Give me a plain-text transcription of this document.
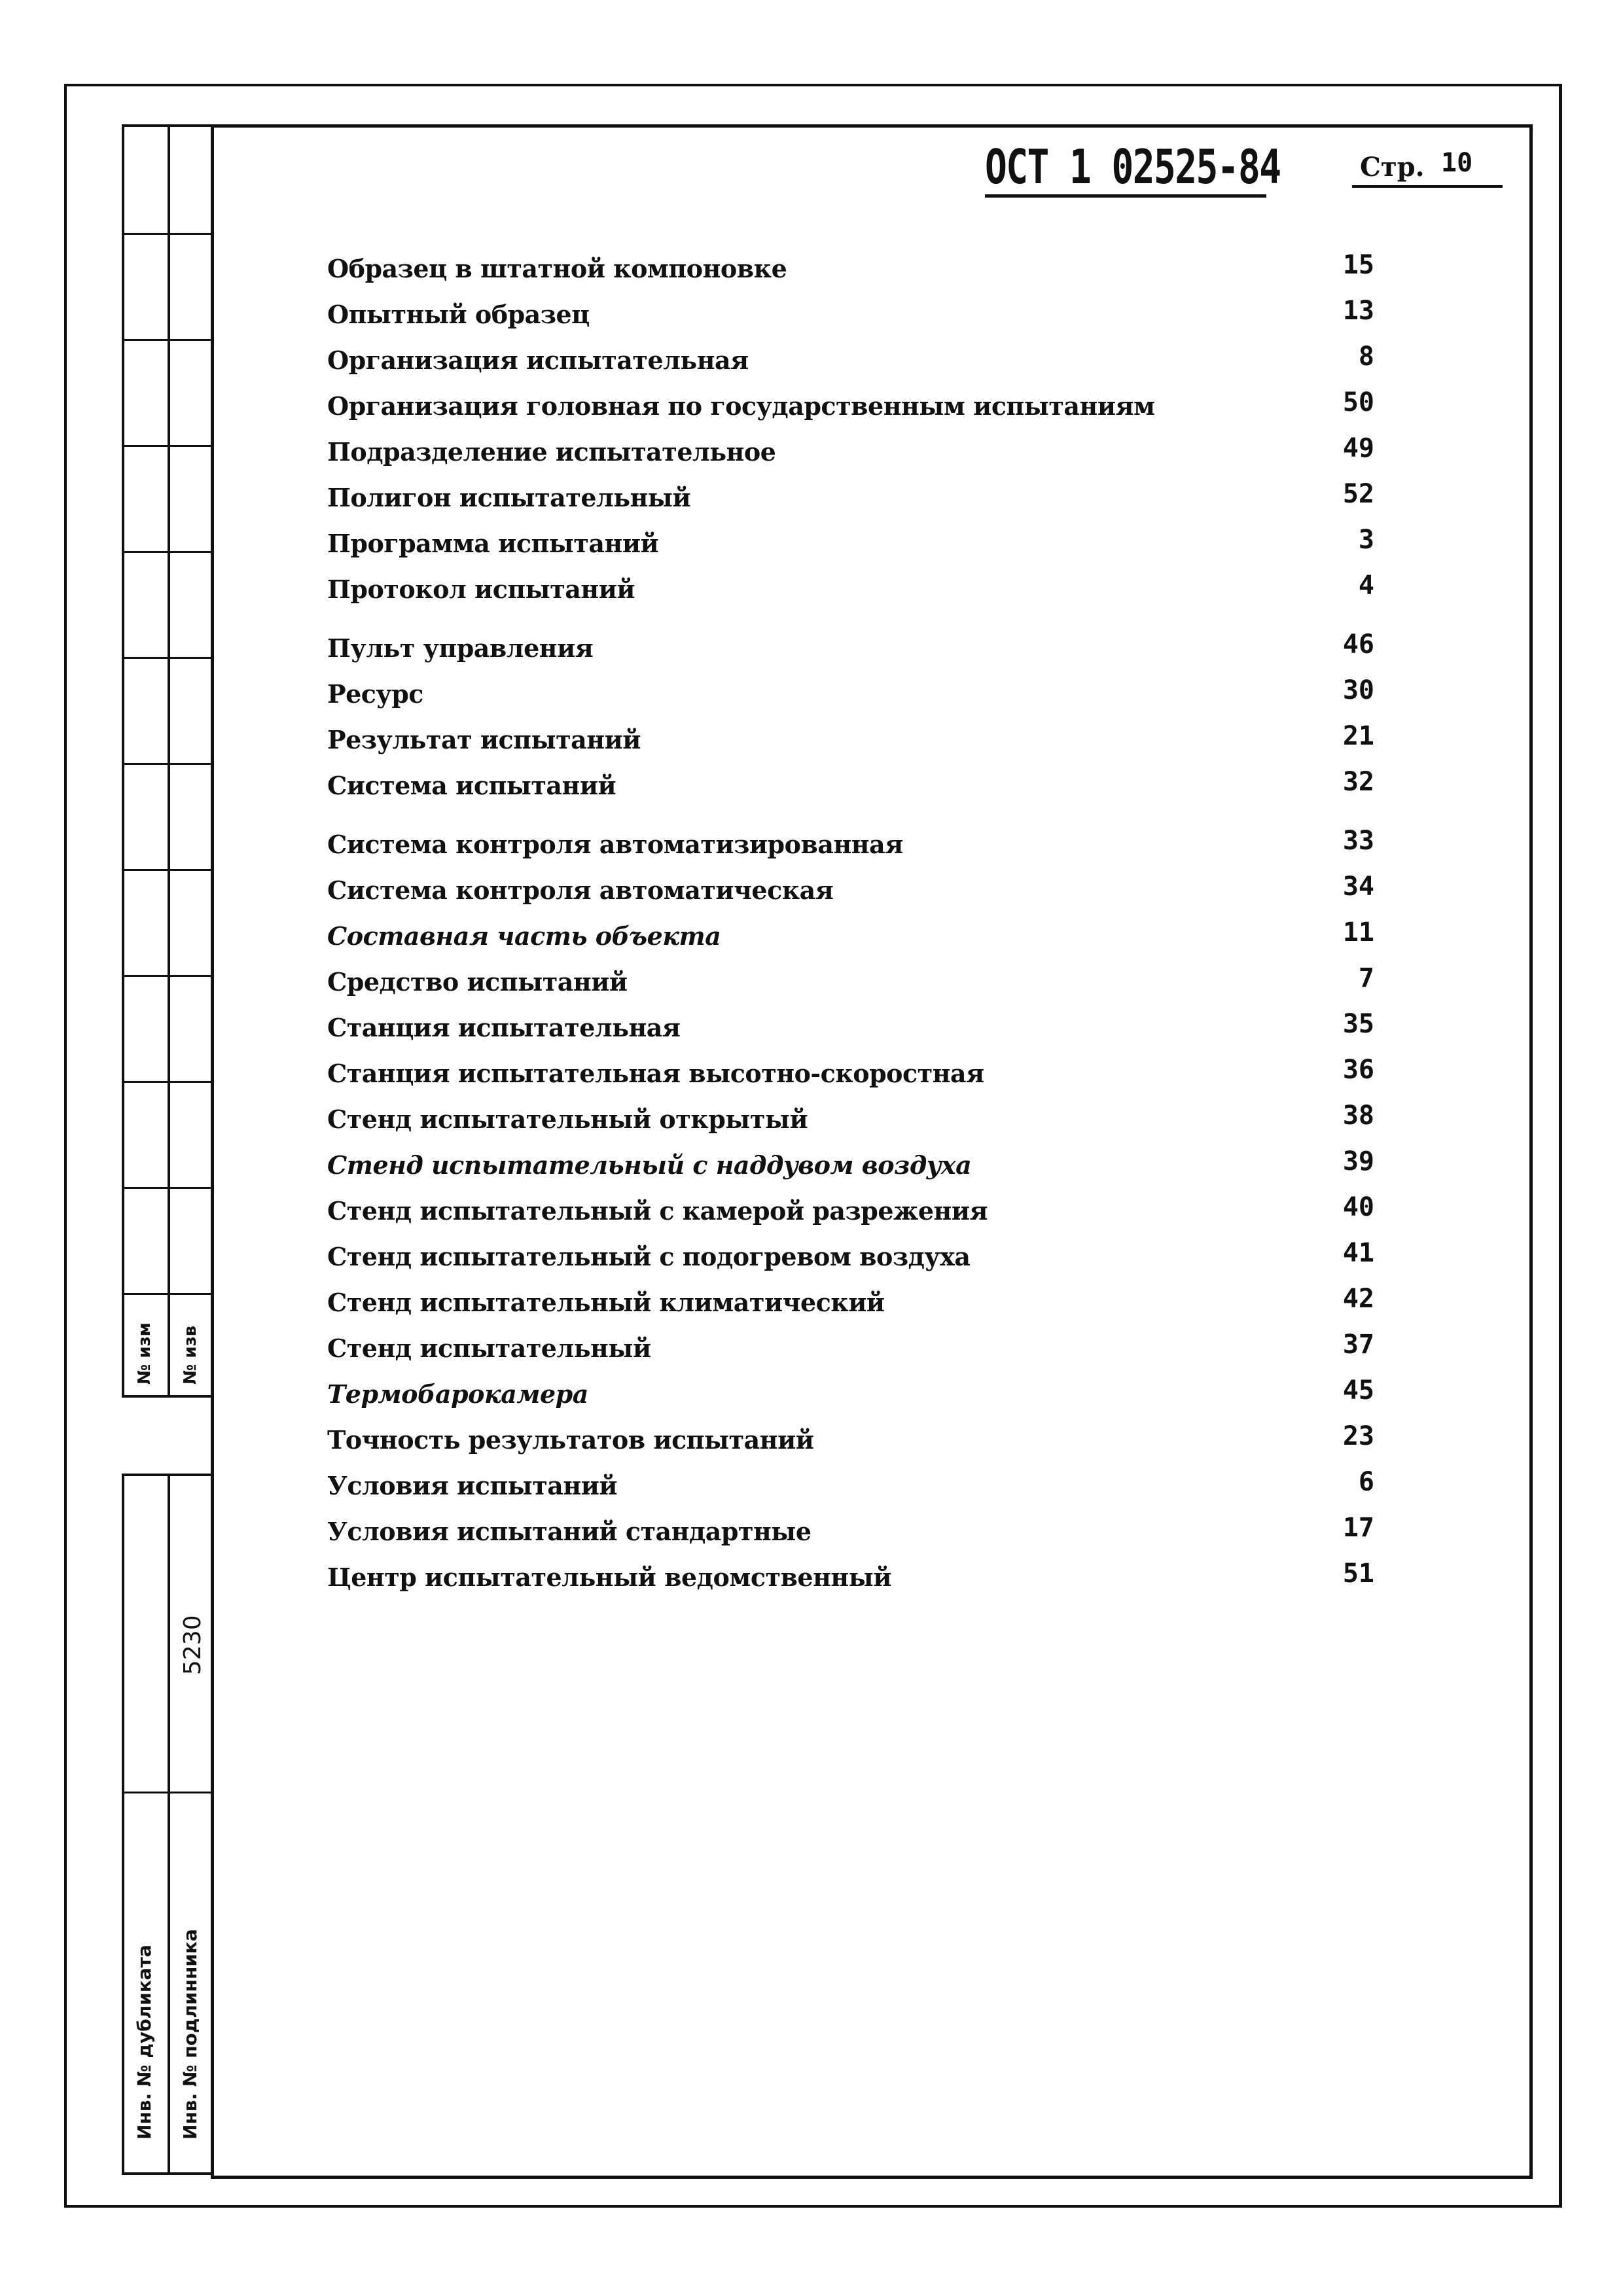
ОСТ 1 02525-84	Стр. 10
Образец в штатной компоновке	15
Опытный образец	13
Организация испытательная	8
Организация головная по государственным испытаниям	50
Подразделение испытательное	49
Полигон испытательный	52
Программа испытаний	3
Протокол испытаний	4
Пульт управления	46
Ресурс	30
Результат испытаний	21
Система испытаний	32
Система контроля автоматизированная	33
Система контроля автоматическая	34
Составная часть объекта	11
Средство испытаний	7
Станция испытательная	35
Станция испытательная высотно-скоростная	36
Стенд испытательный открытый	38
Стенд испытательный с наддувом воздуха	39
Стенд испытательный с камерой разрежения	40
Стенд испытательный с подогревом воздуха	41
Стенд испытательный климатический	42
Стенд испытательный	37
Термобарокамера	45
Точность результатов испытаний	23
Условия испытаний	6
Условия испытаний стандартные	17
Центр испытательный ведомственный	51
№ изм № изв
5230
Инв. № дубликата Инв. № подлинника
